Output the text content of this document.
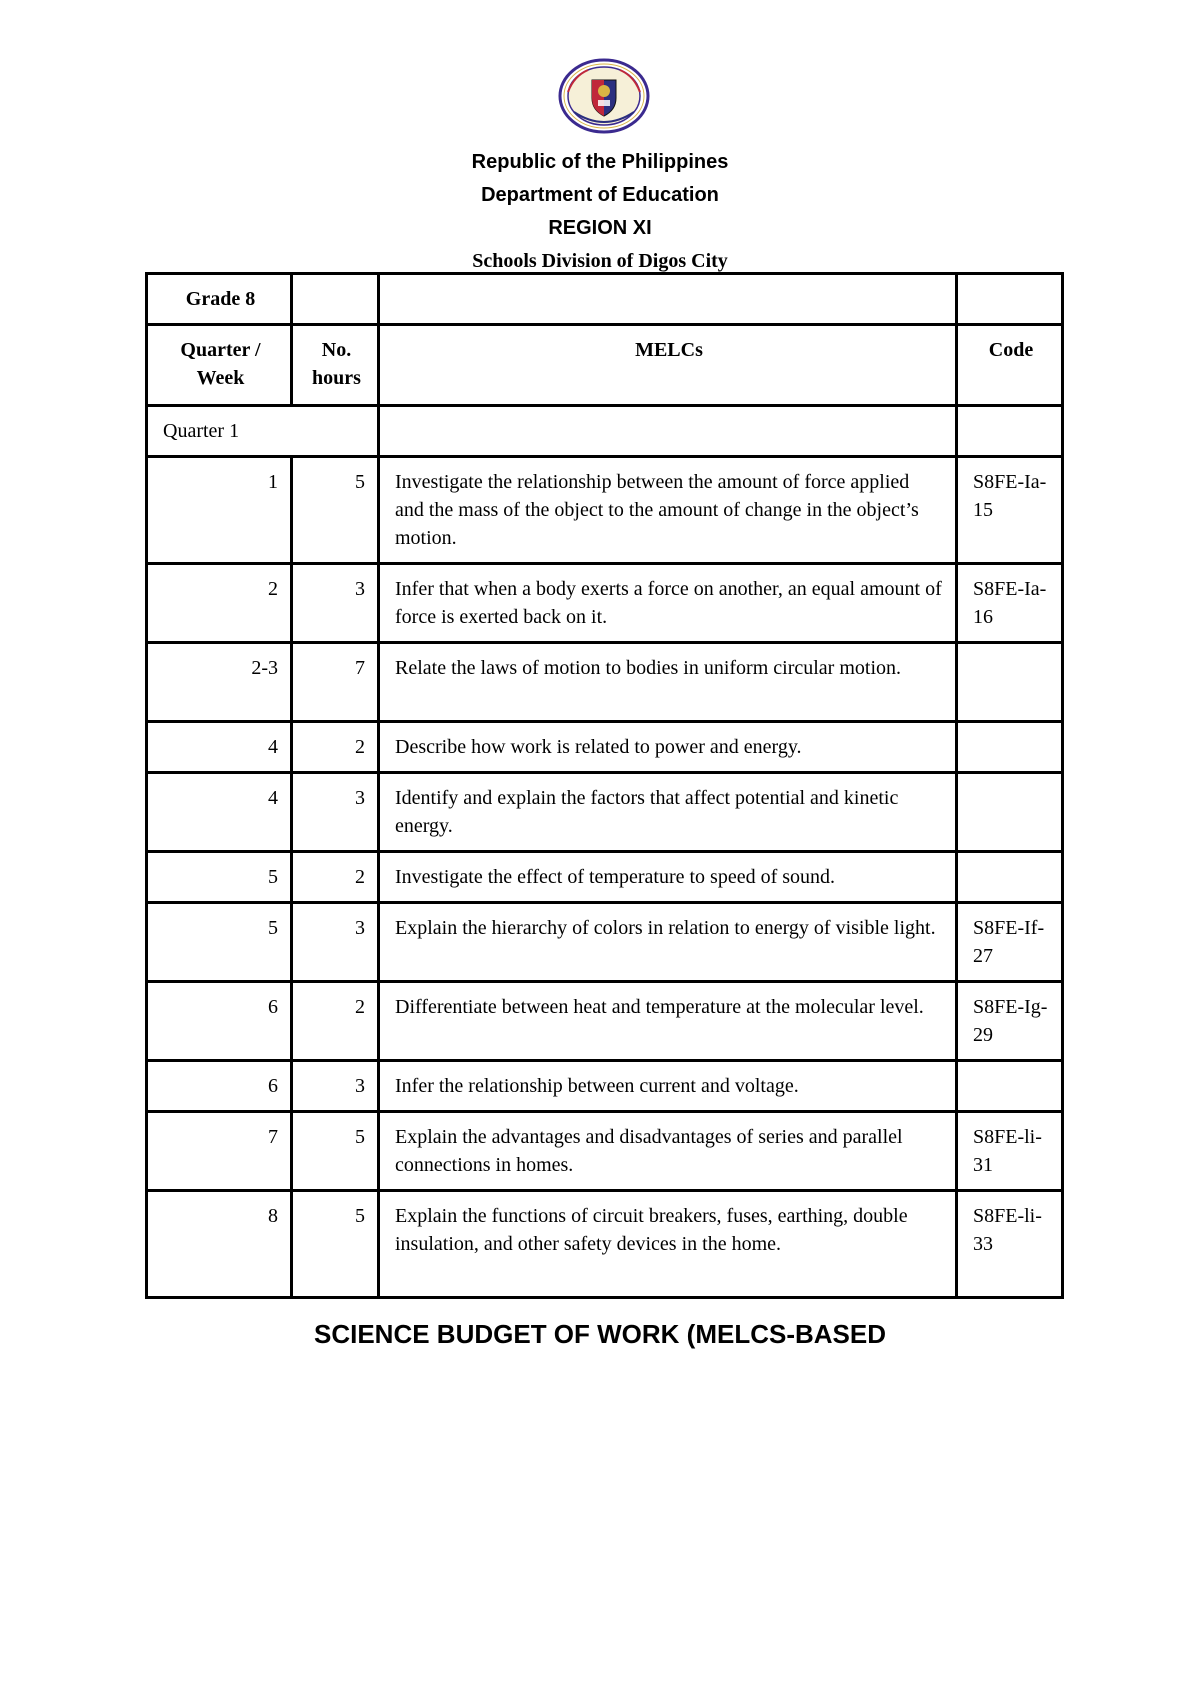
Republic of the Philippines
Department of Education
REGION XI
Schools Division of Digos City
Grade 8			
Quarter / Week	No. hours	MELCs	Code
Quarter 1			
1	5	Investigate the relationship between the amount of force applied and the mass of the object to the amount of change in the object’s motion.	S8FE-Ia-15
2	3	Infer that when a body exerts a force on another, an equal amount of force is exerted back on it.	S8FE-Ia-16
2-3	7	Relate the laws of motion to bodies in uniform circular motion.	
4	2	Describe how work is related to power and energy.	
4	3	Identify and explain the factors that affect potential and kinetic energy.	
5	2	Investigate the effect of temperature to speed of sound.	
5	3	Explain the hierarchy of colors in relation to energy of visible light.	S8FE-If-27
6	2	Differentiate between heat and temperature at the molecular level.	S8FE-Ig-29
6	3	Infer the relationship between current and voltage.	
7	5	Explain the advantages and disadvantages of series and parallel connections in homes.	S8FE-li-31
8	5	Explain the functions of circuit breakers, fuses, earthing, double insulation, and other safety devices in the home.	S8FE-li-33
SCIENCE BUDGET OF WORK (MELCS-BASED
